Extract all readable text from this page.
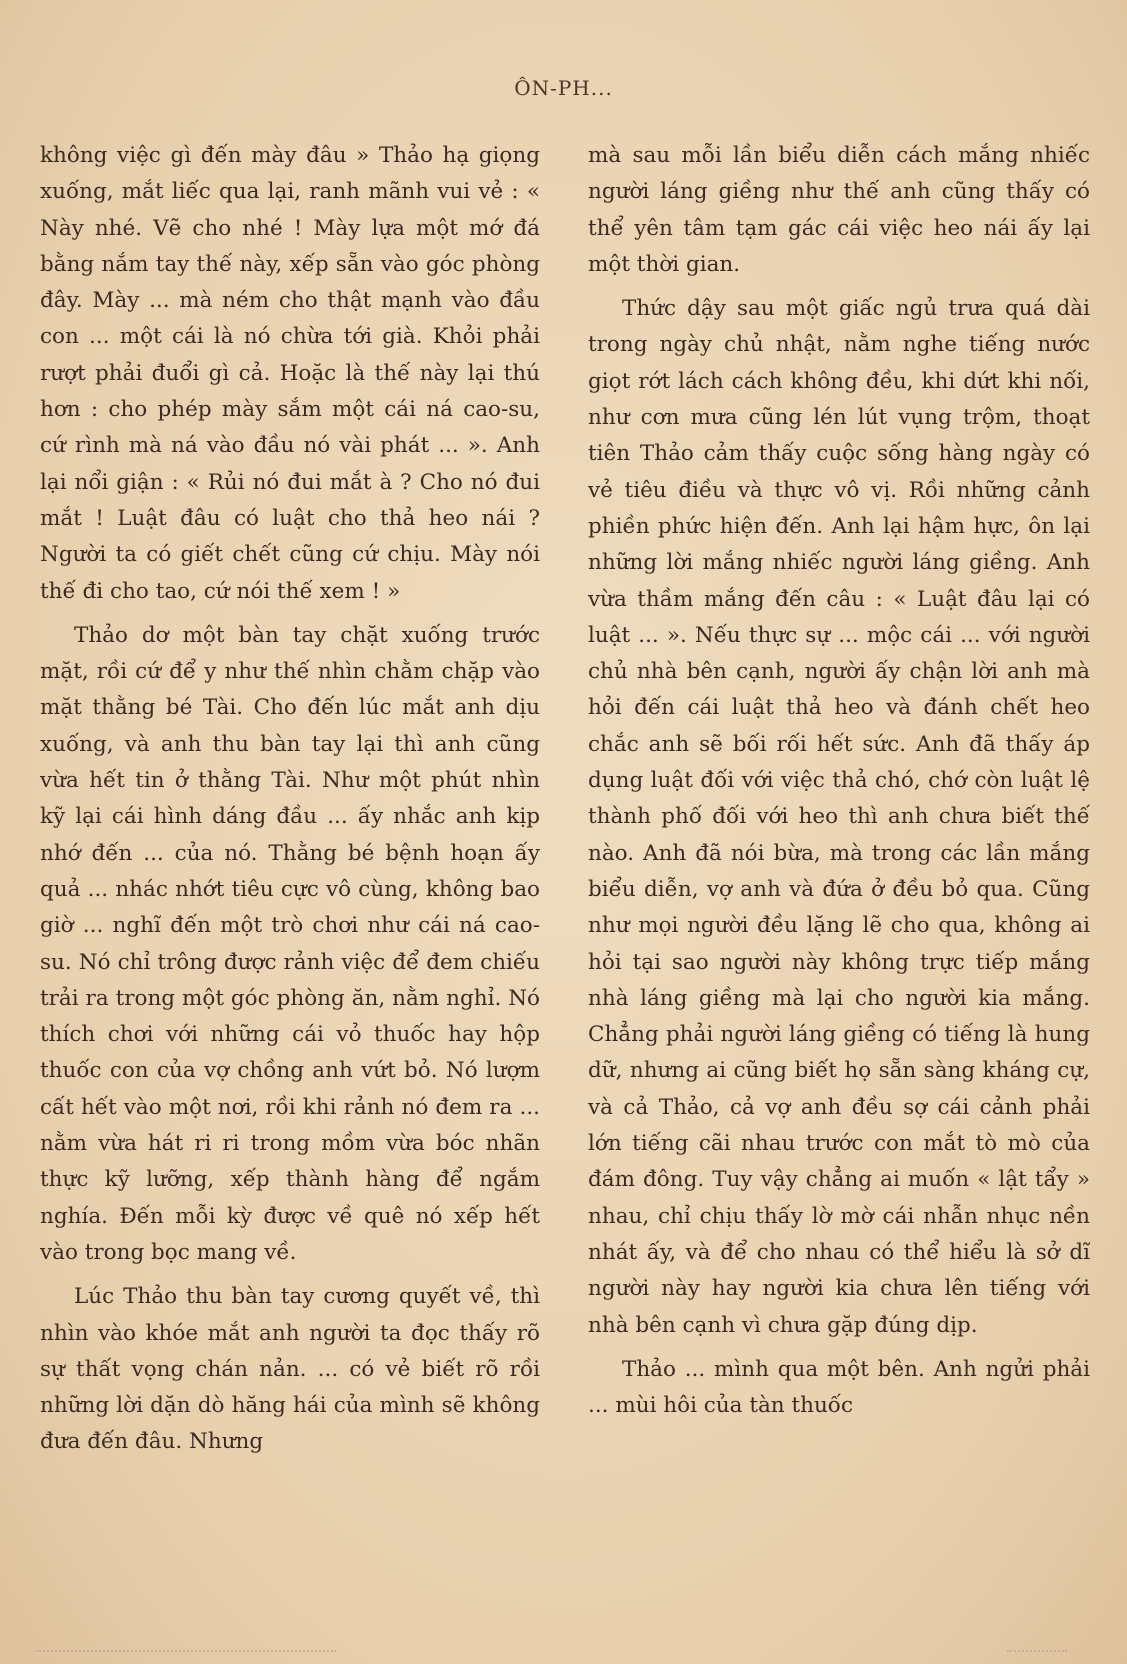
ÔN-PH...

không việc gì đến mày đâu » Thảo hạ giọng xuống, mắt liếc qua lại, ranh mãnh vui vẻ : « Này nhé. Vẽ cho nhé ! Mày lựa một mớ đá bằng nắm tay thế này, xếp sẵn vào góc phòng đây. Mày ... mà ném cho thật mạnh vào đầu con ... một cái là nó chừa tới già. Khỏi phải rượt phải đuổi gì cả. Hoặc là thế này lại thú hơn : cho phép mày sắm một cái ná cao-su, cứ rình mà ná vào đầu nó vài phát ... ». Anh lại nổi giận : « Rủi nó đui mắt à ? Cho nó đui mắt ! Luật đâu có luật cho thả heo nái ? Người ta có giết chết cũng cứ chịu. Mày nói thế đi cho tao, cứ nói thế xem ! »

Thảo dơ một bàn tay chặt xuống trước mặt, rồi cứ để y như thế nhìn chằm chặp vào mặt thằng bé Tài. Cho đến lúc mắt anh dịu xuống, và anh thu bàn tay lại thì anh cũng vừa hết tin ở thằng Tài. Như một phút nhìn kỹ lại cái hình dáng đầu ... ấy nhắc anh kịp nhớ đến ... của nó. Thằng bé bệnh hoạn ấy quả ... nhác nhớt tiêu cực vô cùng, không bao giờ ... nghĩ đến một trò chơi như cái ná cao-su. Nó chỉ trông được rảnh việc để đem chiếu trải ra trong một góc phòng ăn, nằm nghỉ. Nó thích chơi với những cái vỏ thuốc hay hộp thuốc con của vợ chồng anh vứt bỏ. Nó lượm cất hết vào một nơi, rồi khi rảnh nó đem ra ... nằm vừa hát ri ri trong mồm vừa bóc nhãn thực kỹ lưỡng, xếp thành hàng để ngắm nghía. Đến mỗi kỳ được về quê nó xếp hết vào trong bọc mang về.

Lúc Thảo thu bàn tay cương quyết về, thì nhìn vào khóe mắt anh người ta đọc thấy rõ sự thất vọng chán nản. ... có vẻ biết rõ rồi những lời dặn dò hăng hái của mình sẽ không đưa đến đâu. Nhưng

mà sau mỗi lần biểu diễn cách mắng nhiếc người láng giềng như thế anh cũng thấy có thể yên tâm tạm gác cái việc heo nái ấy lại một thời gian.

Thức dậy sau một giấc ngủ trưa quá dài trong ngày chủ nhật, nằm nghe tiếng nước giọt rớt lách cách không đều, khi dứt khi nối, như cơn mưa cũng lén lút vụng trộm, thoạt tiên Thảo cảm thấy cuộc sống hàng ngày có vẻ tiêu điều và thực vô vị. Rồi những cảnh phiền phức hiện đến. Anh lại hậm hực, ôn lại những lời mắng nhiếc người láng giềng. Anh vừa thầm mắng đến câu : « Luật đâu lại có luật ... ». Nếu thực sự ... mộc cái ... với người chủ nhà bên cạnh, người ấy chận lời anh mà hỏi đến cái luật thả heo và đánh chết heo chắc anh sẽ bối rối hết sức. Anh đã thấy áp dụng luật đối với việc thả chó, chớ còn luật lệ thành phố đối với heo thì anh chưa biết thế nào. Anh đã nói bừa, mà trong các lần mắng biểu diễn, vợ anh và đứa ở đều bỏ qua. Cũng như mọi người đều lặng lẽ cho qua, không ai hỏi tại sao người này không trực tiếp mắng nhà láng giềng mà lại cho người kia mắng. Chẳng phải người láng giềng có tiếng là hung dữ, nhưng ai cũng biết họ sẵn sàng kháng cự, và cả Thảo, cả vợ anh đều sợ cái cảnh phải lớn tiếng cãi nhau trước con mắt tò mò của đám đông. Tuy vậy chẳng ai muốn « lật tẩy » nhau, chỉ chịu thấy lờ mờ cái nhẫn nhục nền nhát ấy, và để cho nhau có thể hiểu là sở dĩ người này hay người kia chưa lên tiếng với nhà bên cạnh vì chưa gặp đúng dịp.

Thảo ... mình qua một bên. Anh ngửi phải ... mùi hôi của tàn thuốc
